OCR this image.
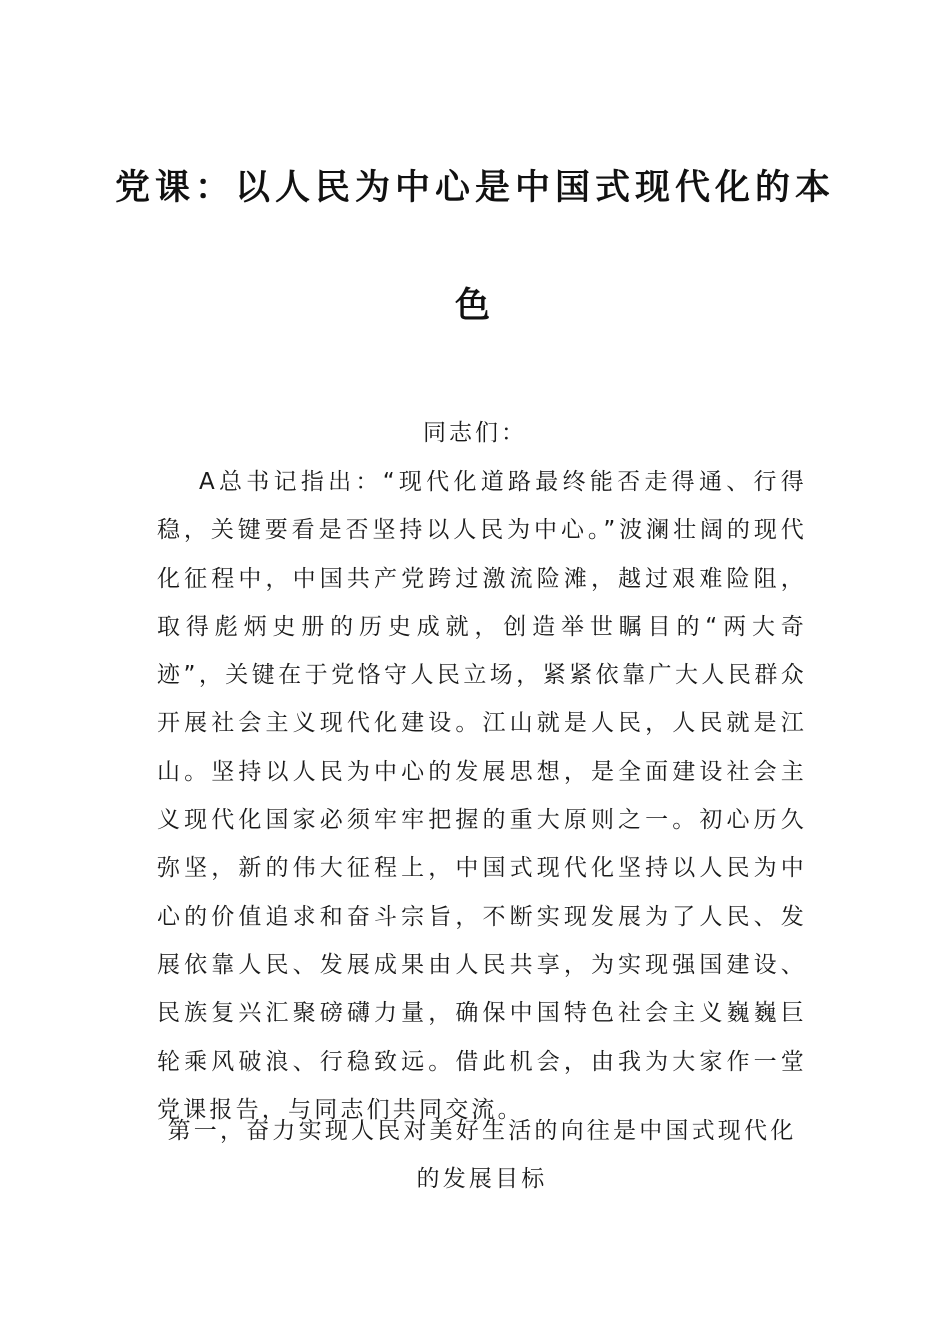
党课：以人民为中心是中国式现代化的本
色
同志们：

A总书记指出：“现代化道路最终能否走得通、行得稳，关键要看是否坚持以人民为中心。”波澜壮阔的现代化征程中，中国共产党跨过激流险滩，越过艰难险阻，取得彪炳史册的历史成就，创造举世瞩目的“两大奇迹”，关键在于党恪守人民立场，紧紧依靠广大人民群众开展社会主义现代化建设。江山就是人民，人民就是江山。坚持以人民为中心的发展思想，是全面建设社会主义现代化国家必须牢牢把握的重大原则之一。初心历久弥坚，新的伟大征程上，中国式现代化坚持以人民为中心的价值追求和奋斗宗旨，不断实现发展为了人民、发展依靠人民、发展成果由人民共享，为实现强国建设、民族复兴汇聚磅礴力量，确保中国特色社会主义巍巍巨轮乘风破浪、行稳致远。借此机会，由我为大家作一堂党课报告，与同志们共同交流。

第一，奋力实现人民对美好生活的向往是中国式现代化的发展目标
